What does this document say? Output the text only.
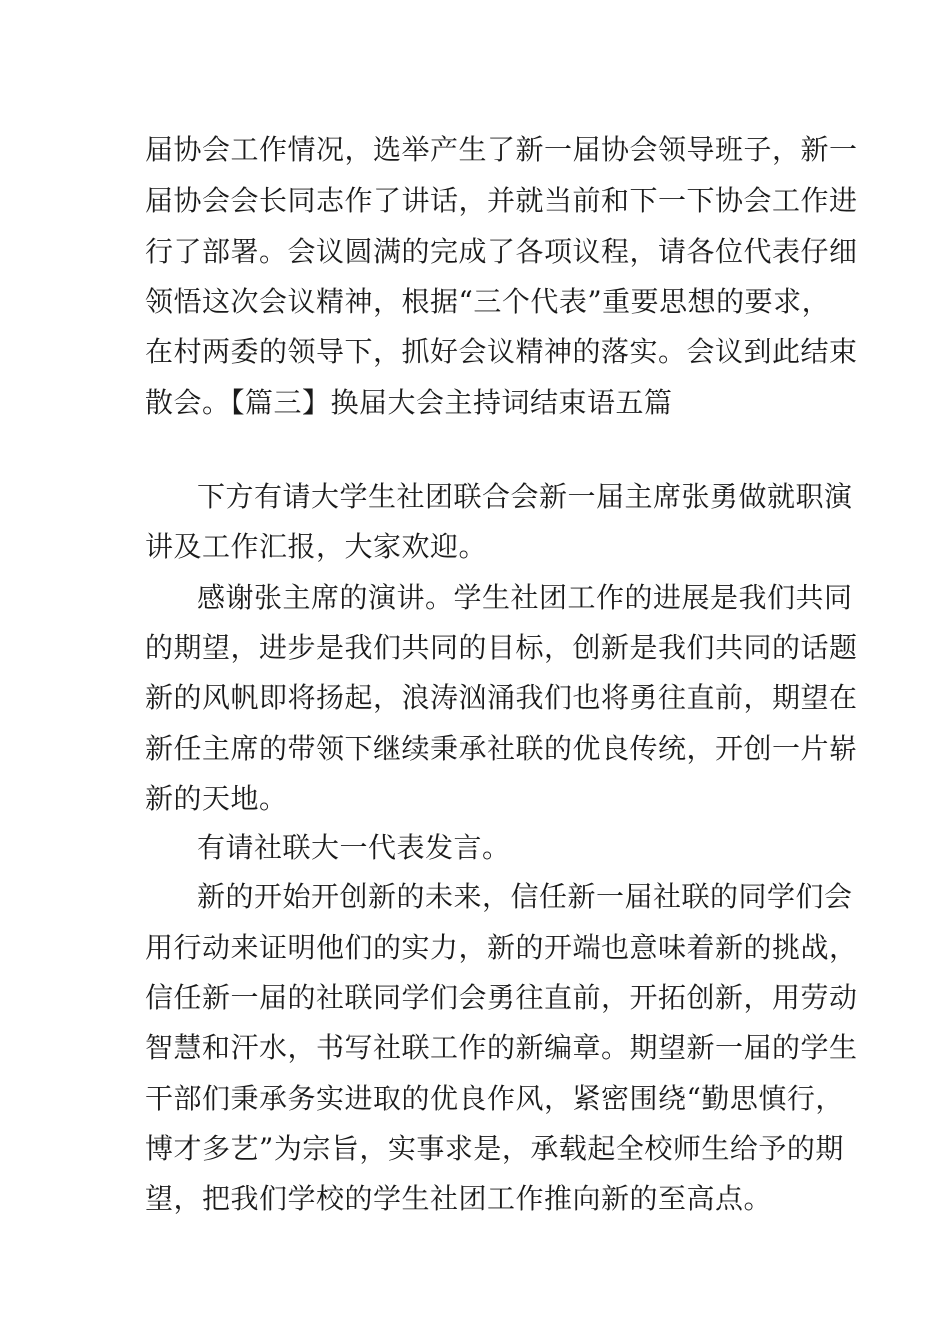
届协会工作情况，选举产生了新一届协会领导班子，新一
届协会会长同志作了讲话，并就当前和下一下协会工作进
行了部署。会议圆满的完成了各项议程，请各位代表仔细
领悟这次会议精神，根据“三个代表”重要思想的要求，
在村两委的领导下，抓好会议精神的落实。会议到此结束
散会。【篇三】换届大会主持词结束语五篇
下方有请大学生社团联合会新一届主席张勇做就职演
讲及工作汇报，大家欢迎。
感谢张主席的演讲。学生社团工作的进展是我们共同
的期望，进步是我们共同的目标，创新是我们共同的话题
新的风帆即将扬起，浪涛汹涌我们也将勇往直前，期望在
新任主席的带领下继续秉承社联的优良传统，开创一片崭
新的天地。
有请社联大一代表发言。
新的开始开创新的未来，信任新一届社联的同学们会
用行动来证明他们的实力，新的开端也意味着新的挑战，
信任新一届的社联同学们会勇往直前，开拓创新，用劳动
智慧和汗水，书写社联工作的新编章。期望新一届的学生
干部们秉承务实进取的优良作风，紧密围绕“勤思慎行，
博才多艺”为宗旨，实事求是，承载起全校师生给予的期
望，把我们学校的学生社团工作推向新的至高点。
